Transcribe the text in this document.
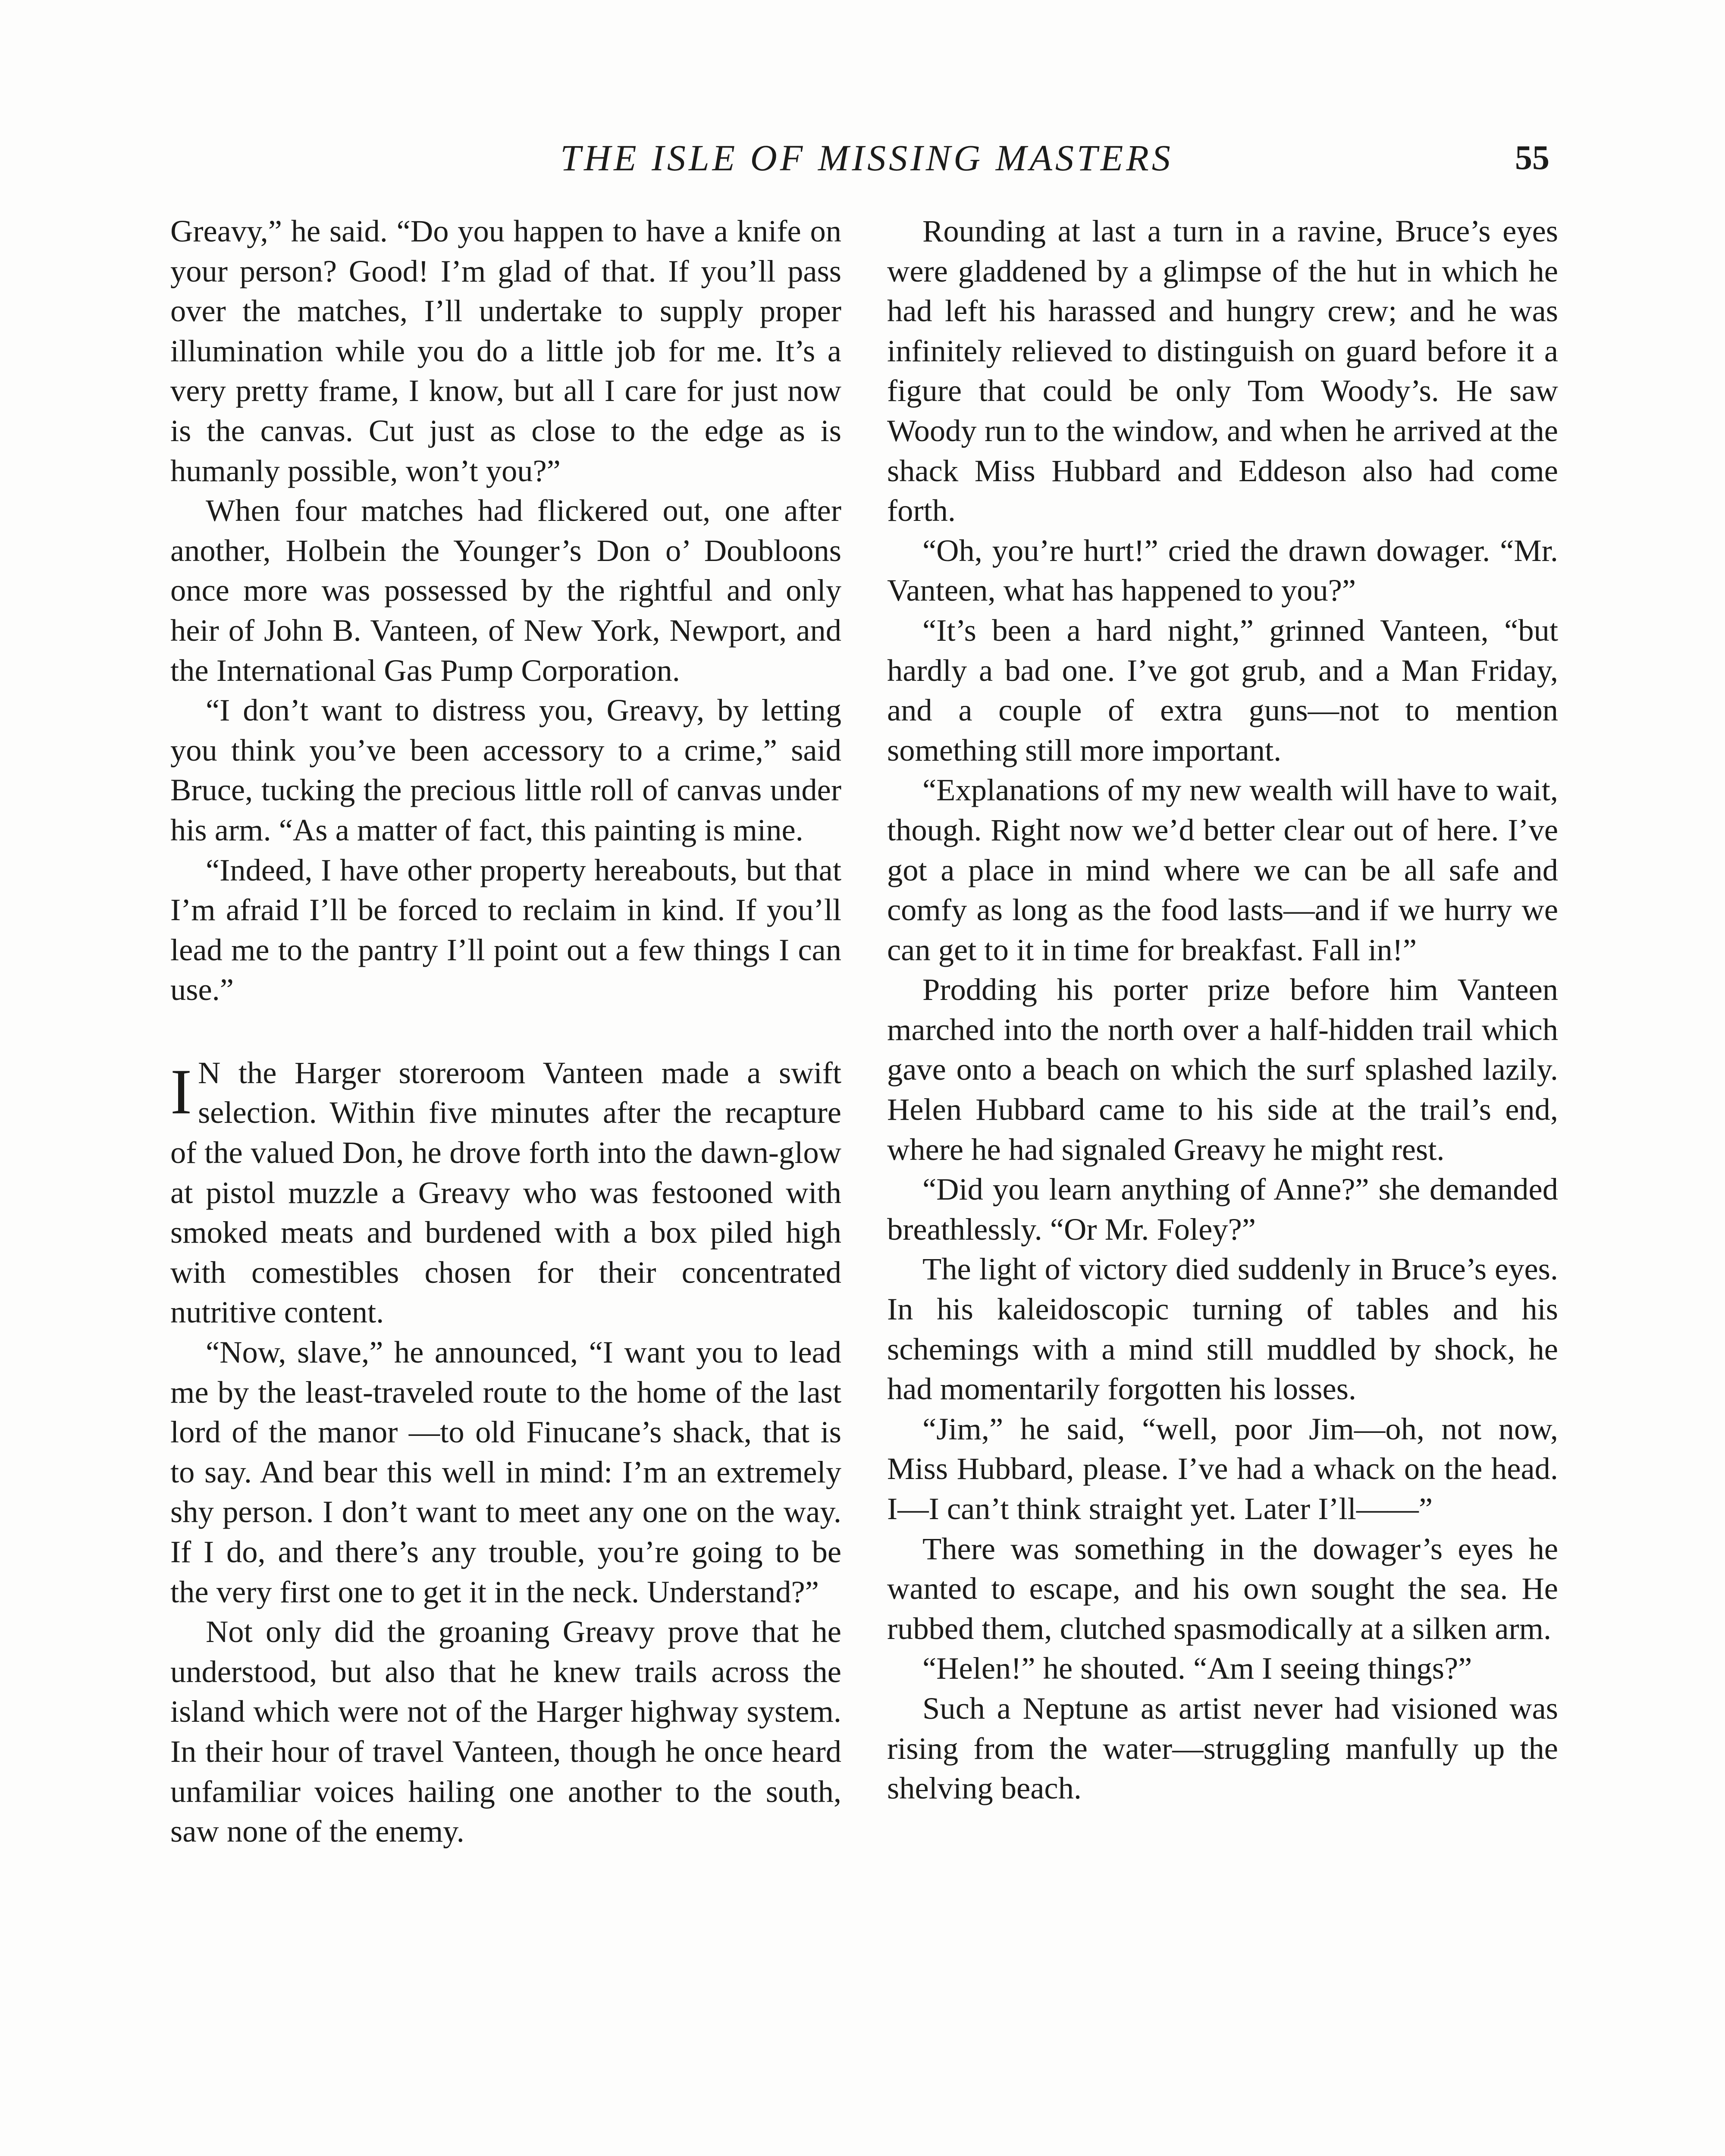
THE ISLE OF MISSING MASTERS	55

Greavy,” he said. “Do you happen to have a knife on your person? Good! I’m glad of that. If you’ll pass over the matches, I’ll undertake to supply proper illumination while you do a little job for me. It’s a very pretty frame, I know, but all I care for just now is the canvas. Cut just as close to the edge as is humanly possible, won’t you?”

When four matches had flickered out, one after another, Holbein the Younger’s Don o’ Doubloons once more was possessed by the rightful and only heir of John B. Vanteen, of New York, Newport, and the International Gas Pump Corporation.

“I don’t want to distress you, Greavy, by letting you think you’ve been accessory to a crime,” said Bruce, tucking the precious little roll of canvas under his arm. “As a matter of fact, this painting is mine.

“Indeed, I have other property hereabouts, but that I’m afraid I’ll be forced to reclaim in kind. If you’ll lead me to the pantry I’ll point out a few things I can use.”

I N the Harger storeroom Vanteen made a swift selection. Within five minutes after the recapture of the valued Don, he drove forth into the dawn-glow at pistol muzzle a Greavy who was festooned with smoked meats and burdened with a box piled high with comestibles chosen for their concentrated nutritive content.

“Now, slave,” he announced, “I want you to lead me by the least-traveled route to the home of the last lord of the manor —to old Finucane’s shack, that is to say. And bear this well in mind: I’m an extremely shy person. I don’t want to meet any one on the way. If I do, and there’s any trouble, you’re going to be the very first one to get it in the neck. Understand?”

Not only did the groaning Greavy prove that he understood, but also that he knew trails across the island which were not of the Harger highway system. In their hour of travel Vanteen, though he once heard unfamiliar voices hailing one another to the south, saw none of the enemy.

Rounding at last a turn in a ravine, Bruce’s eyes were gladdened by a glimpse of the hut in which he had left his harassed and hungry crew; and he was infinitely relieved to distinguish on guard before it a figure that could be only Tom Woody’s. He saw Woody run to the window, and when he arrived at the shack Miss Hubbard and Eddeson also had come forth.

“Oh, you’re hurt!” cried the drawn dowager. “Mr. Vanteen, what has happened to you?”

“It’s been a hard night,” grinned Vanteen, “but hardly a bad one. I’ve got grub, and a Man Friday, and a couple of extra guns—not to mention something still more important.

“Explanations of my new wealth will have to wait, though. Right now we’d better clear out of here. I’ve got a place in mind where we can be all safe and comfy as long as the food lasts—and if we hurry we can get to it in time for breakfast. Fall in!”

Prodding his porter prize before him Vanteen marched into the north over a half-hidden trail which gave onto a beach on which the surf splashed lazily. Helen Hubbard came to his side at the trail’s end, where he had signaled Greavy he might rest.

“Did you learn anything of Anne?” she demanded breathlessly. “Or Mr. Foley?”

The light of victory died suddenly in Bruce’s eyes. In his kaleidoscopic turning of tables and his schemings with a mind still muddled by shock, he had momentarily forgotten his losses.

“Jim,” he said, “well, poor Jim—oh, not now, Miss Hubbard, please. I’ve had a whack on the head. I—I can’t think straight yet. Later I’ll——”

There was something in the dowager’s eyes he wanted to escape, and his own sought the sea. He rubbed them, clutched spasmodically at a silken arm.

“Helen!” he shouted. “Am I seeing things?”

Such a Neptune as artist never had visioned was rising from the water—struggling manfully up the shelving beach.
